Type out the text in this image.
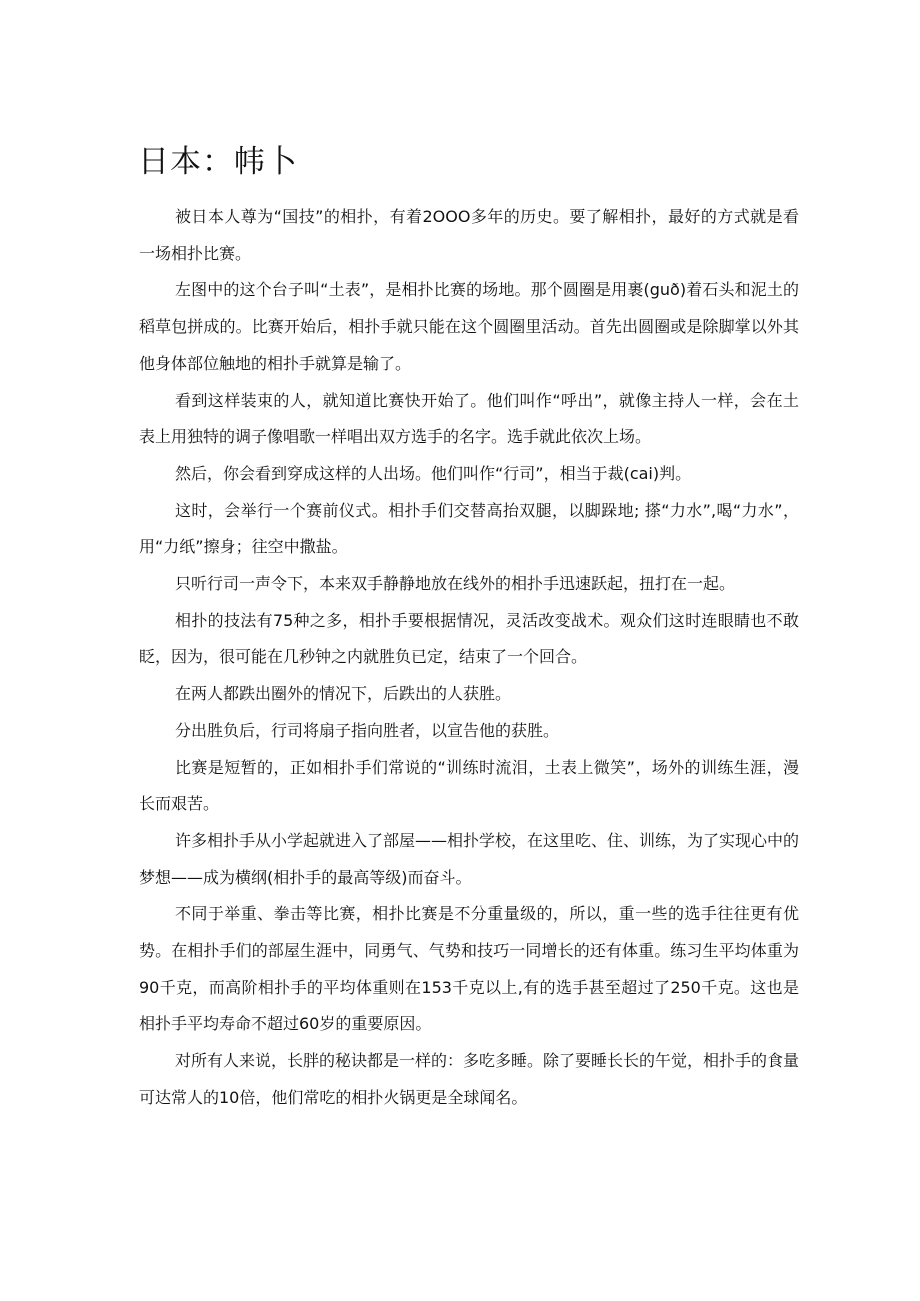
日本：帏卜

被日本人尊为“国技”的相扑，有着2OOO多年的历史。要了解相扑，最好的方式就是看一场相扑比赛。

左图中的这个台子叫“土表”，是相扑比赛的场地。那个圆圈是用裹(guð)着石头和泥土的稻草包拼成的。比赛开始后，相扑手就只能在这个圆圈里活动。首先出圆圈或是除脚掌以外其他身体部位触地的相扑手就算是输了。

看到这样装束的人，就知道比赛快开始了。他们叫作“呼出”，就像主持人一样，会在土表上用独特的调子像唱歌一样唱出双方选手的名字。选手就此依次上场。

然后，你会看到穿成这样的人出场。他们叫作“行司”，相当于裁(cai)判。

这时，会举行一个赛前仪式。相扑手们交替高抬双腿，以脚跺地; 搽“力水”,喝“力水”，用“力纸”擦身；往空中撒盐。

只听行司一声令下，本来双手静静地放在线外的相扑手迅速跃起，扭打在一起。

相扑的技法有75种之多，相扑手要根据情况，灵活改变战术。观众们这时连眼睛也不敢眨，因为，很可能在几秒钟之内就胜负已定，结束了一个回合。

在两人都跌出圈外的情况下，后跌出的人获胜。

分出胜负后，行司将扇子指向胜者，以宣告他的获胜。

比赛是短暂的，正如相扑手们常说的“训练时流泪，土表上微笑”，场外的训练生涯，漫长而艰苦。

许多相扑手从小学起就进入了部屋——相扑学校，在这里吃、住、训练，为了实现心中的梦想——成为横纲(相扑手的最高等级)而奋斗。

不同于举重、拳击等比赛，相扑比赛是不分重量级的，所以，重一些的选手往往更有优势。在相扑手们的部屋生涯中，同勇气、气势和技巧一同增长的还有体重。练习生平均体重为90千克，而高阶相扑手的平均体重则在153千克以上,有的选手甚至超过了250千克。这也是相扑手平均寿命不超过60岁的重要原因。

对所有人来说，长胖的秘诀都是一样的：多吃多睡。除了要睡长长的午觉，相扑手的食量可达常人的10倍，他们常吃的相扑火锅更是全球闻名。
